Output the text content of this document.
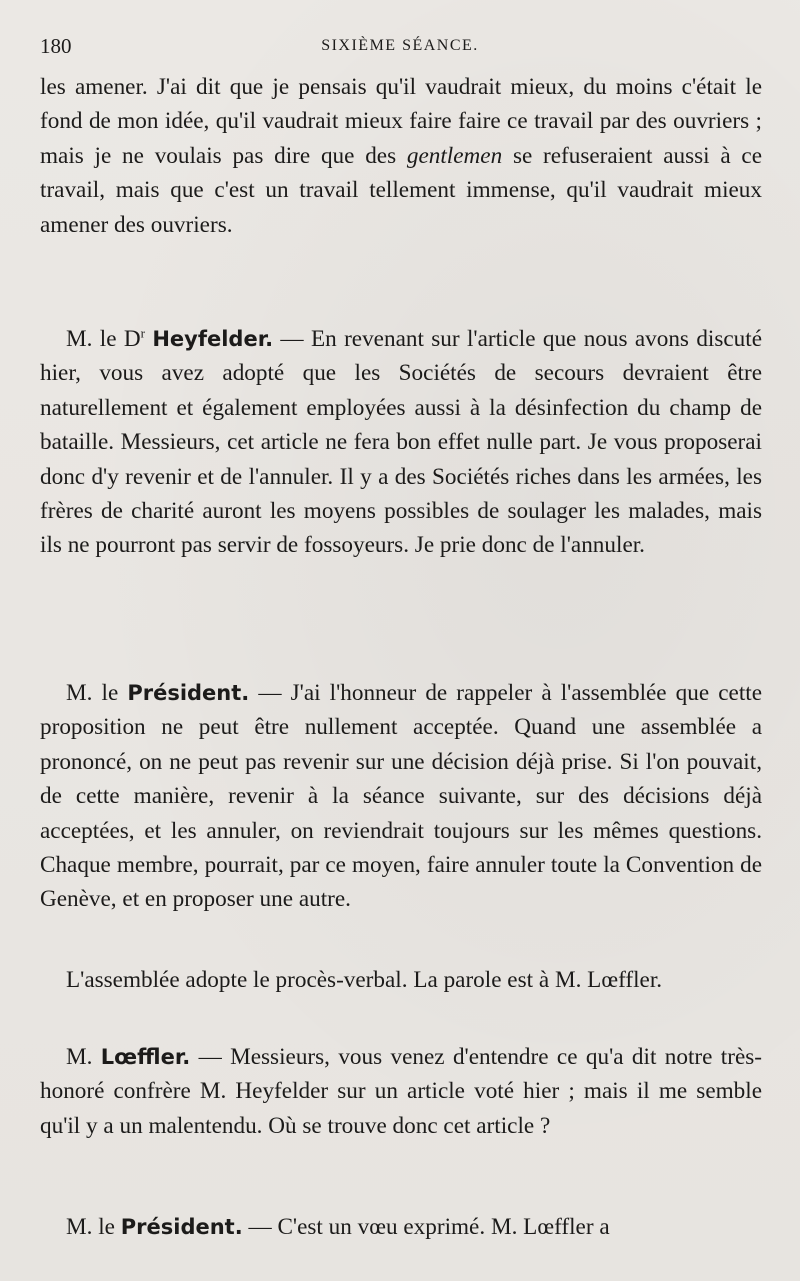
180	SIXIÈME SÉANCE.

les amener. J'ai dit que je pensais qu'il vaudrait mieux, du moins c'était le fond de mon idée, qu'il vaudrait mieux faire faire ce travail par des ouvriers ; mais je ne voulais pas dire que des gentlemen se refuseraient aussi à ce travail, mais que c'est un travail tellement immense, qu'il vaudrait mieux amener des ouvriers.

M. le $D^r$ Heyfelder. — En revenant sur l'article que nous avons discuté hier, vous avez adopté que les Sociétés de secours devraient être naturellement et également employées aussi à la désinfection du champ de bataille. Messieurs, cet article ne fera bon effet nulle part. Je vous proposerai donc d'y revenir et de l'annuler. Il y a des Sociétés riches dans les armées, les frères de charité auront les moyens possibles de soulager les malades, mais ils ne pourront pas servir de fossoyeurs. Je prie donc de l'annuler.

M. le Président. — J'ai l'honneur de rappeler à l'assemblée que cette proposition ne peut être nullement acceptée. Quand une assemblée a prononcé, on ne peut pas revenir sur une décision déjà prise. Si l'on pouvait, de cette manière, revenir à la séance suivante, sur des décisions déjà acceptées, et les annuler, on reviendrait toujours sur les mêmes questions. Chaque membre, pourrait, par ce moyen, faire annuler toute la Convention de Genève, et en proposer une autre.

L'assemblée adopte le procès-verbal. La parole est à M. Lœffler.

M. Lœffler. — Messieurs, vous venez d'entendre ce qu'a dit notre très-honoré confrère M. Heyfelder sur un article voté hier ; mais il me semble qu'il y a un malentendu. Où se trouve donc cet article ?

M. le Président. — C'est un vœu exprimé. M. Lœffler a
